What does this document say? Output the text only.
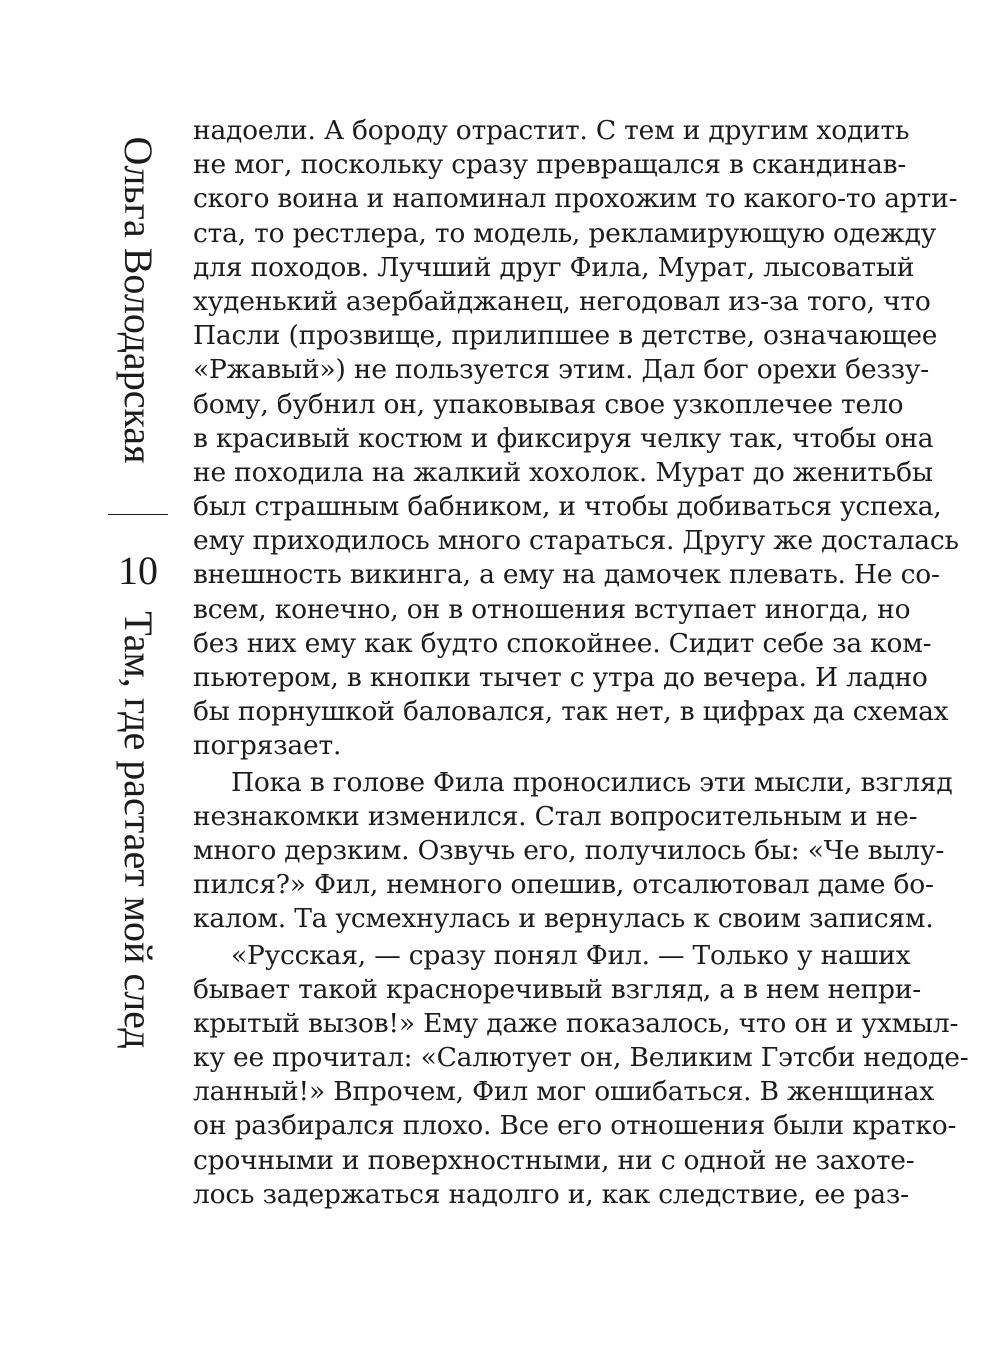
Ольга Володарская
10
Там, где растает мой след
надоели. А бороду отрастит. С тем и другим ходить
не мог, поскольку сразу превращался в скандинав-
ского воина и напоминал прохожим то какого-то арти-
ста, то рестлера, то модель, рекламирующую одежду
для походов. Лучший друг Фила, Мурат, лысоватый
худенький азербайджанец, негодовал из-за того, что
Пасли (прозвище, прилипшее в детстве, означающее
«Ржавый») не пользуется этим. Дал бог орехи беззу-
бому, бубнил он, упаковывая свое узкоплечее тело
в красивый костюм и фиксируя челку так, чтобы она
не походила на жалкий хохолок. Мурат до женитьбы
был страшным бабником, и чтобы добиваться успеха,
ему приходилось много стараться. Другу же досталась
внешность викинга, а ему на дамочек плевать. Не со-
всем, конечно, он в отношения вступает иногда, но
без них ему как будто спокойнее. Сидит себе за ком-
пьютером, в кнопки тычет с утра до вечера. И ладно
бы порнушкой баловался, так нет, в цифрах да схемах
погрязает.
Пока в голове Фила проносились эти мысли, взгляд
незнакомки изменился. Стал вопросительным и не-
много дерзким. Озвучь его, получилось бы: «Че вылу-
пился?» Фил, немного опешив, отсалютовал даме бо-
калом. Та усмехнулась и вернулась к своим записям.
«Русская, — сразу понял Фил. — Только у наших
бывает такой красноречивый взгляд, а в нем непри-
крытый вызов!» Ему даже показалось, что он и ухмыл-
ку ее прочитал: «Салютует он, Великим Гэтсби недоде-
ланный!» Впрочем, Фил мог ошибаться. В женщинах
он разбирался плохо. Все его отношения были кратко-
срочными и поверхностными, ни с одной не захоте-
лось задержаться надолго и, как следствие, ее раз-
